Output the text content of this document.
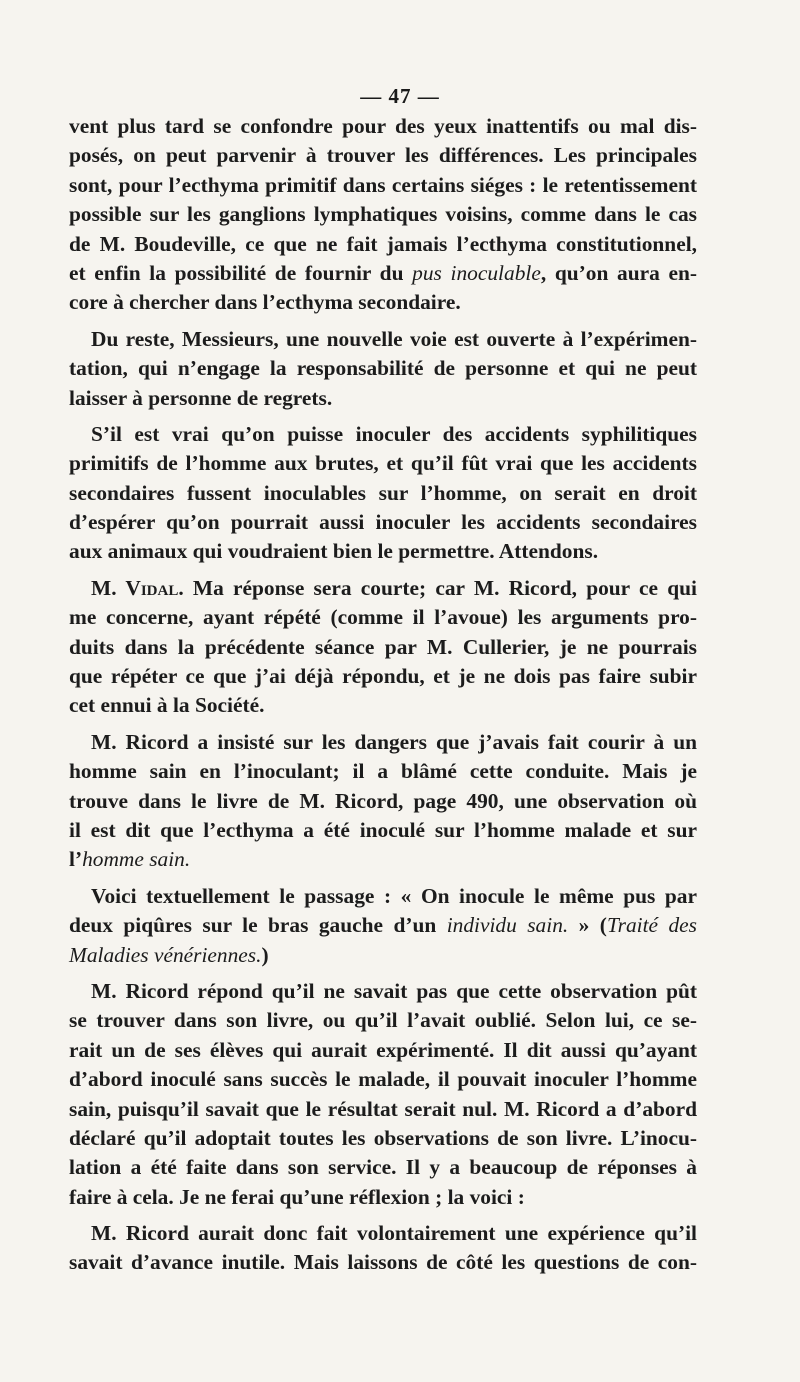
— 47 —
vent plus tard se confondre pour des yeux inattentifs ou mal dis-
posés, on peut parvenir à trouver les différences. Les principales
sont, pour l’ecthyma primitif dans certains siéges : le retentissement
possible sur les ganglions lymphatiques voisins, comme dans le cas
de M. Boudeville, ce que ne fait jamais l’ecthyma constitutionnel,
et enfin la possibilité de fournir du pus inoculable, qu’on aura en-
core à chercher dans l’ecthyma secondaire.
Du reste, Messieurs, une nouvelle voie est ouverte à l’expérimen-
tation, qui n’engage la responsabilité de personne et qui ne peut
laisser à personne de regrets.
S’il est vrai qu’on puisse inoculer des accidents syphilitiques
primitifs de l’homme aux brutes, et qu’il fût vrai que les accidents
secondaires fussent inoculables sur l’homme, on serait en droit
d’espérer qu’on pourrait aussi inoculer les accidents secondaires
aux animaux qui voudraient bien le permettre. Attendons.
M. Vidal. Ma réponse sera courte; car M. Ricord, pour ce qui
me concerne, ayant répété (comme il l’avoue) les arguments pro-
duits dans la précédente séance par M. Cullerier, je ne pourrais
que répéter ce que j’ai déjà répondu, et je ne dois pas faire subir
cet ennui à la Société.
M. Ricord a insisté sur les dangers que j’avais fait courir à un
homme sain en l’inoculant; il a blâmé cette conduite. Mais je
trouve dans le livre de M. Ricord, page 490, une observation où
il est dit que l’ecthyma a été inoculé sur l’homme malade et sur
l’homme sain.
Voici textuellement le passage : « On inocule le même pus par
deux piqûres sur le bras gauche d’un individu sain. » (Traité des
Maladies vénériennes.)
M. Ricord répond qu’il ne savait pas que cette observation pût
se trouver dans son livre, ou qu’il l’avait oublié. Selon lui, ce se-
rait un de ses élèves qui aurait expérimenté. Il dit aussi qu’ayant
d’abord inoculé sans succès le malade, il pouvait inoculer l’homme
sain, puisqu’il savait que le résultat serait nul. M. Ricord a d’abord
déclaré qu’il adoptait toutes les observations de son livre. L’inocu-
lation a été faite dans son service. Il y a beaucoup de réponses à
faire à cela. Je ne ferai qu’une réflexion ; la voici :
M. Ricord aurait donc fait volontairement une expérience qu’il
savait d’avance inutile. Mais laissons de côté les questions de con-
